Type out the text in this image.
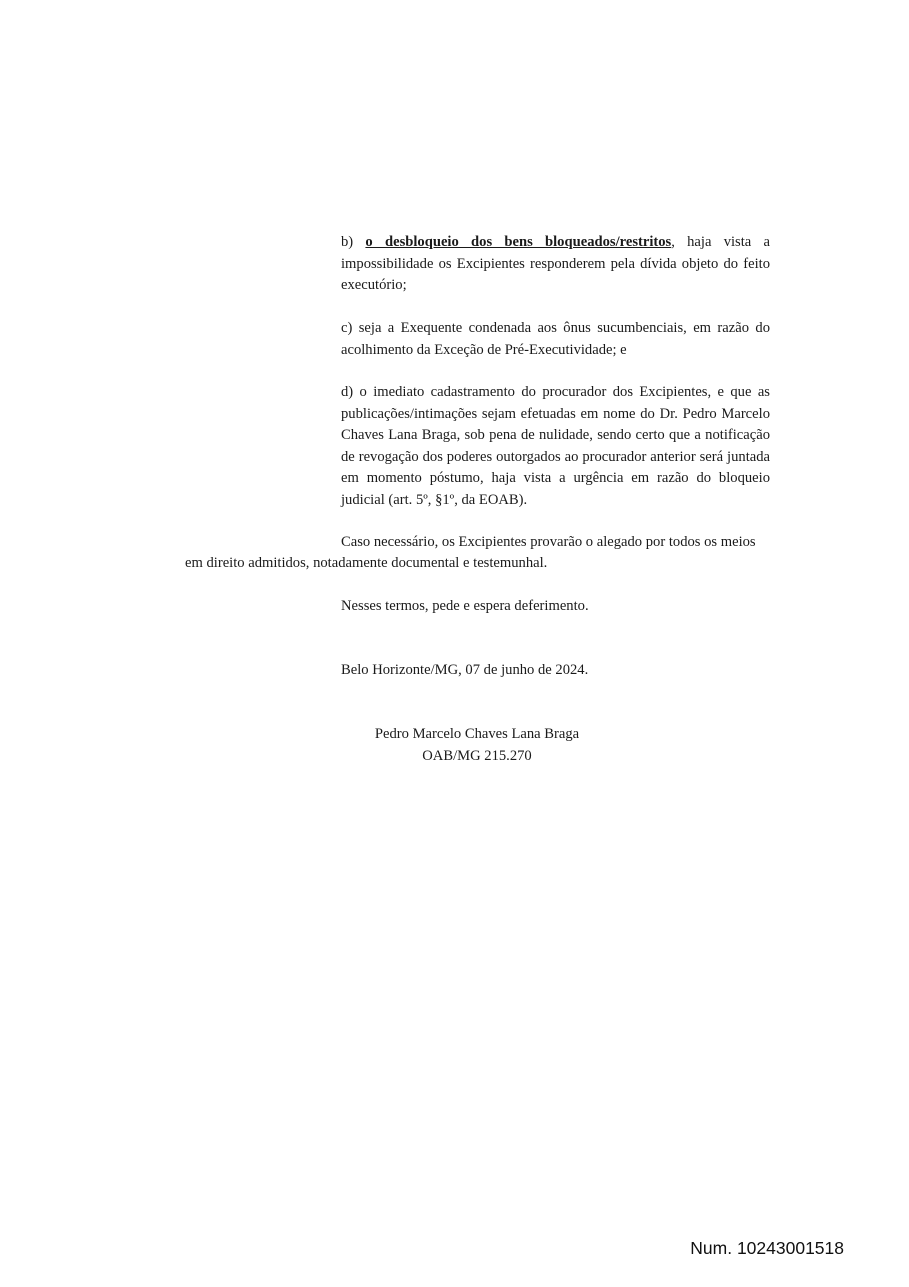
b) o desbloqueio dos bens bloqueados/restritos, haja vista a impossibilidade os Excipientes responderem pela dívida objeto do feito executório;

c) seja a Exequente condenada aos ônus sucumbenciais, em razão do acolhimento da Exceção de Pré-Executividade; e

d) o imediato cadastramento do procurador dos Excipientes, e que as publicações/intimações sejam efetuadas em nome do Dr. Pedro Marcelo Chaves Lana Braga, sob pena de nulidade, sendo certo que a notificação de revogação dos poderes outorgados ao procurador anterior será juntada em momento póstumo, haja vista a urgência em razão do bloqueio judicial (art. 5º, §1º, da EOAB).

Caso necessário, os Excipientes provarão o alegado por todos os meios

em direito admitidos, notadamente documental e testemunhal.

Nesses termos, pede e espera deferimento.

Belo Horizonte/MG, 07 de junho de 2024.

Pedro Marcelo Chaves Lana Braga
OAB/MG 215.270
Num. 10243001518
